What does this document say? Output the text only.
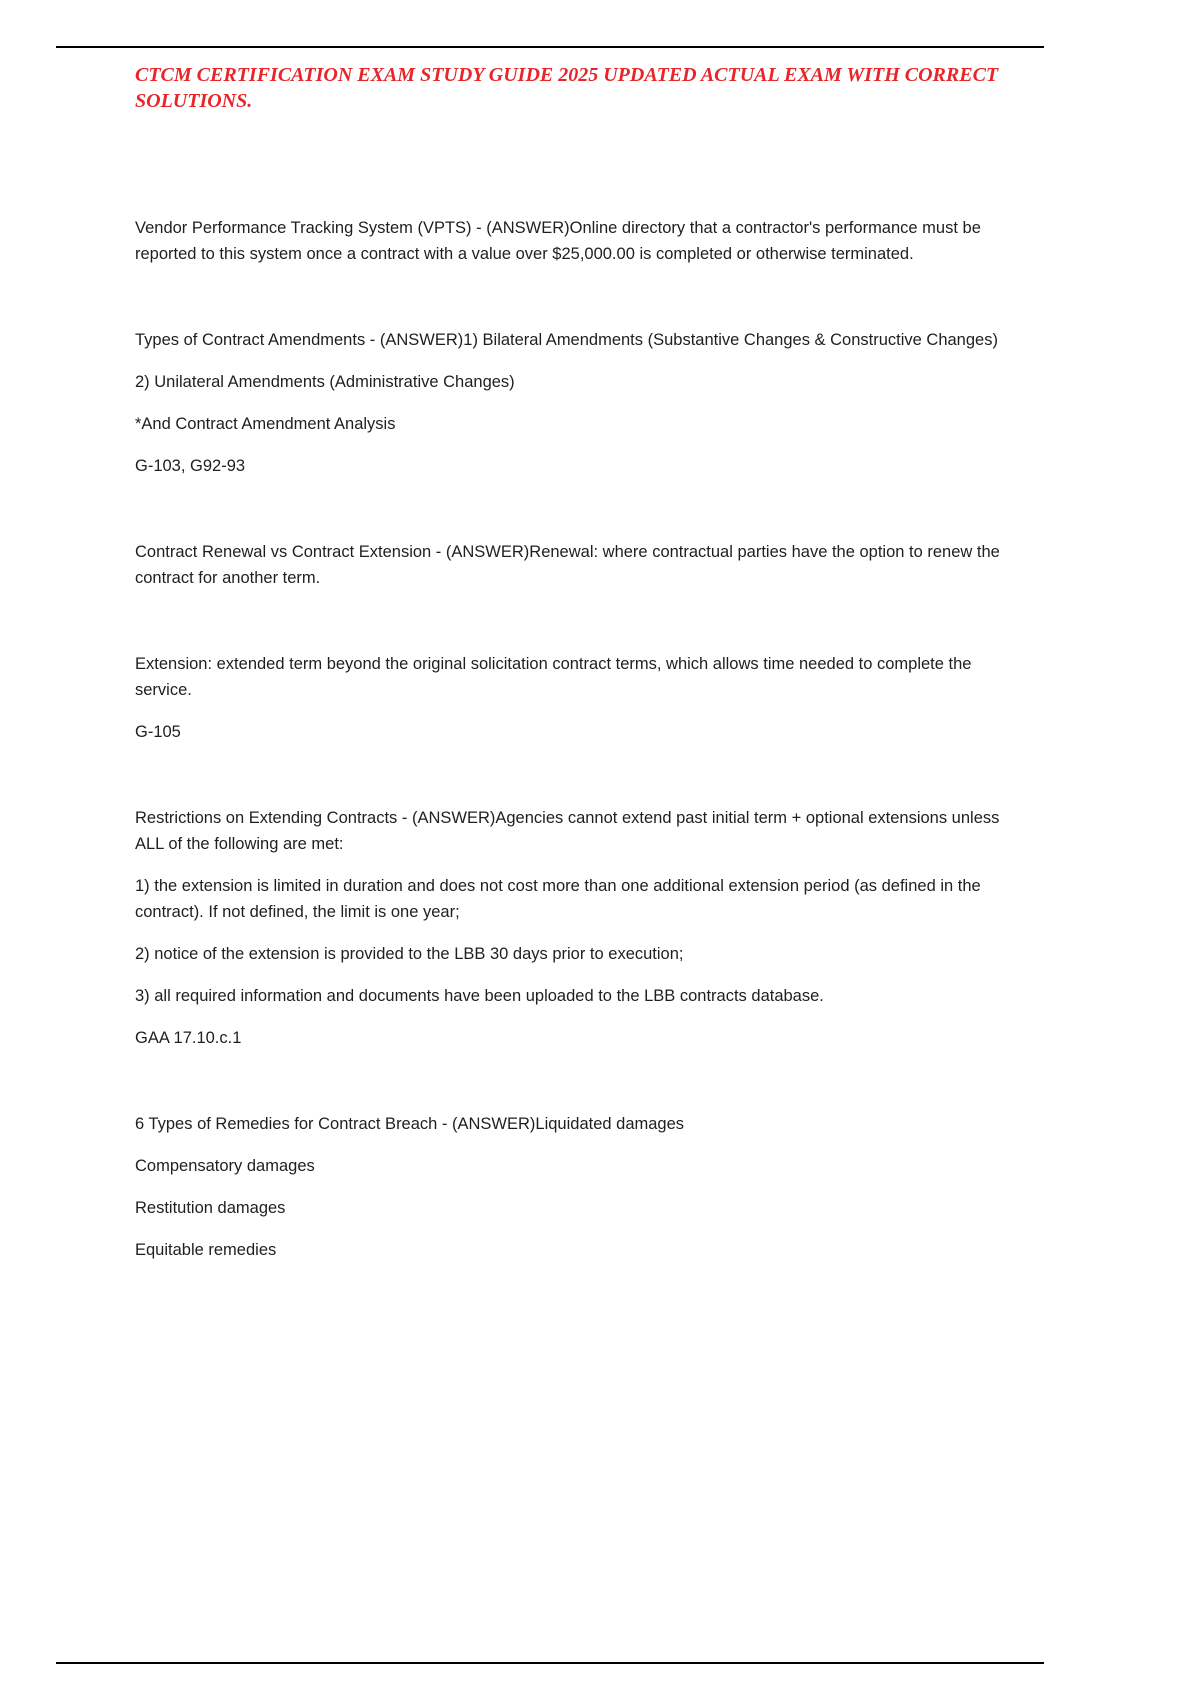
CTCM CERTIFICATION EXAM STUDY GUIDE 2025 UPDATED ACTUAL EXAM WITH CORRECT SOLUTIONS.

Vendor Performance Tracking System (VPTS) - (ANSWER)Online directory that a contractor's performance must be reported to this system once a contract with a value over $25,000.00 is completed or otherwise terminated.

Types of Contract Amendments - (ANSWER)1) Bilateral Amendments (Substantive Changes & Constructive Changes)

2) Unilateral Amendments (Administrative Changes)

*And Contract Amendment Analysis

G-103, G92-93

Contract Renewal vs Contract Extension - (ANSWER)Renewal: where contractual parties have the option to renew the contract for another term.

Extension: extended term beyond the original solicitation contract terms, which allows time needed to complete the service.

G-105

Restrictions on Extending Contracts - (ANSWER)Agencies cannot extend past initial term + optional extensions unless ALL of the following are met:

1) the extension is limited in duration and does not cost more than one additional extension period (as defined in the contract). If not defined, the limit is one year;

2) notice of the extension is provided to the LBB 30 days prior to execution;

3) all required information and documents have been uploaded to the LBB contracts database.

GAA 17.10.c.1

6 Types of Remedies for Contract Breach - (ANSWER)Liquidated damages

Compensatory damages

Restitution damages

Equitable remedies
